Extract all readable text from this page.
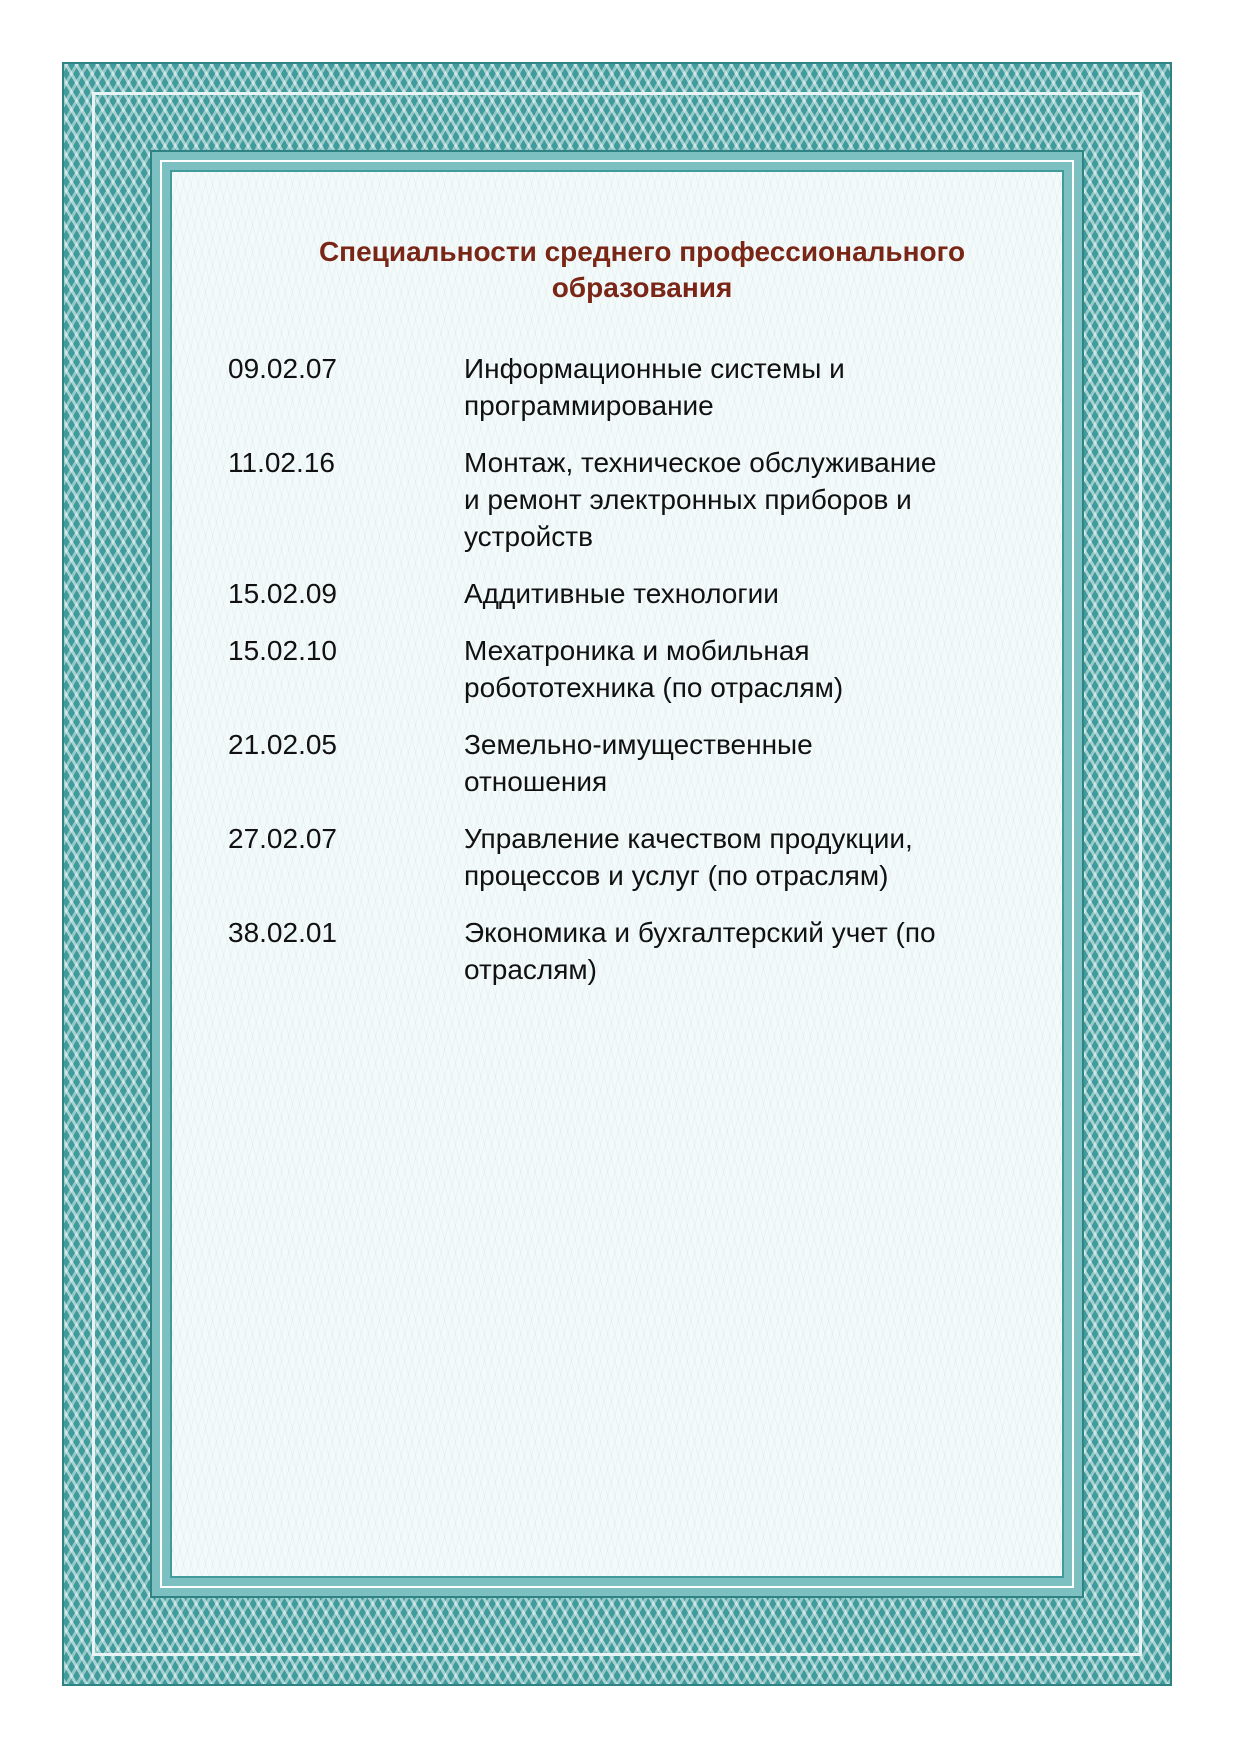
Специальности среднего профессионального
образования
09.02.07	Информационные системы и
программирование
11.02.16	Монтаж, техническое обслуживание
и ремонт электронных приборов и
устройств
15.02.09	Аддитивные технологии
15.02.10	Мехатроника и мобильная
робототехника (по отраслям)
21.02.05	Земельно-имущественные
отношения
27.02.07	Управление качеством продукции,
процессов и услуг (по отраслям)
38.02.01	Экономика и бухгалтерский учет (по
отраслям)
